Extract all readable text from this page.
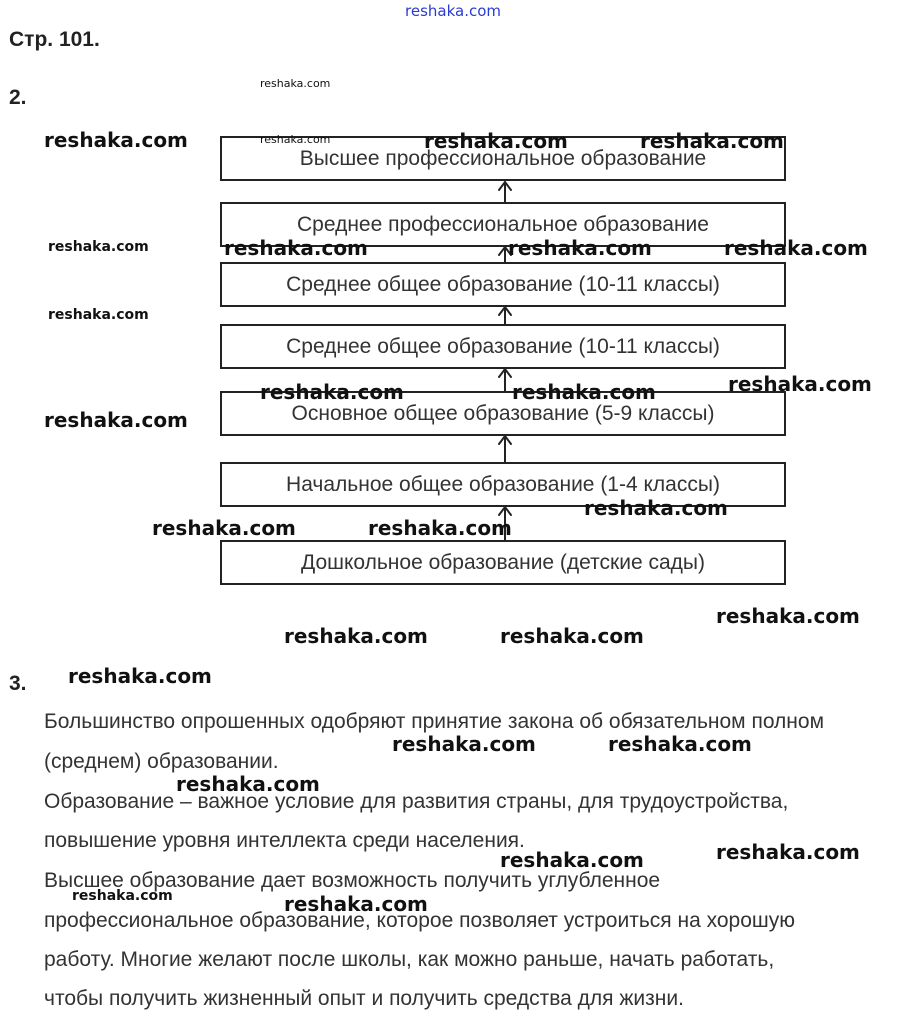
reshaka.com
Стр. 101.
2.
Высшее профессиональное образование
Среднее профессиональное образование
Среднее общее образование (10-11 классы)
Среднее общее образование (10-11 классы)
Основное общее образование (5-9 классы)
Начальное общее образование (1-4 классы)
Дошкольное образование (детские сады)
3.
Большинство опрошенных одобряют принятие закона об обязательном полном
(среднем) образовании.
Образование – важное условие для развития страны, для трудоустройства,
повышение уровня интеллекта среди населения.
Высшее образование дает возможность получить углубленное
профессиональное образование, которое позволяет устроиться на хорошую
работу. Многие желают после школы, как можно раньше, начать работать,
чтобы получить жизненный опыт и получить средства для жизни.
reshaka.com
reshaka.com
reshaka.com	reshaka.com	reshaka.com
reshaka.com	reshaka.com	reshaka.com	reshaka.com
reshaka.com
reshaka.com
reshaka.com	reshaka.com
reshaka.com
reshaka.com
reshaka.com	reshaka.com
reshaka.com
reshaka.com	reshaka.com
reshaka.com
reshaka.com	reshaka.com
reshaka.com
reshaka.com
reshaka.com
reshaka.com	reshaka.com
